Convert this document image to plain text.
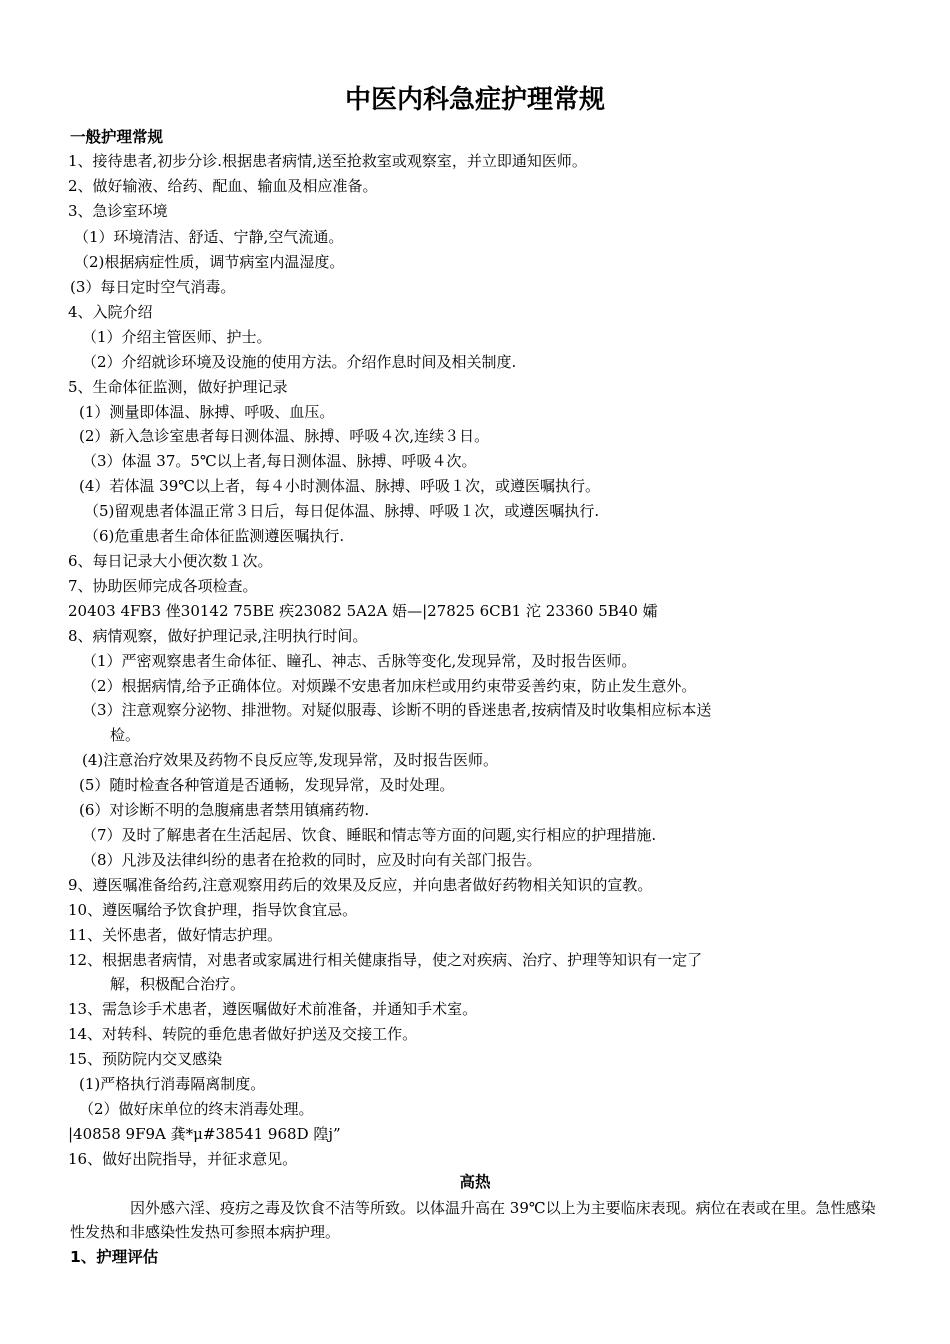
中医内科急症护理常规
一般护理常规
1、接待患者,初步分诊.根据患者病情,送至抢救室或观察室，并立即通知医师。
2、做好输液、给药、配血、输血及相应准备。
3、急诊室环境
（1）环境清洁、舒适、宁静,空气流通。
（2)根据病症性质，调节病室内温湿度。
(3）每日定时空气消毒。
4、入院介绍
（1）介绍主管医师、护士。
（2）介绍就诊环境及设施的使用方法。介绍作息时间及相关制度.
5、生命体征监测，做好护理记录
(1）测量即体温、脉搏、呼吸、血压。
(2）新入急诊室患者每日测体温、脉搏、呼吸４次,连续３日。
（3）体温 37。5℃以上者,每日测体温、脉搏、呼吸４次。
(4）若体温 39℃以上者，每４小时测体温、脉搏、呼吸１次，或遵医嘱执行。
（5)留观患者体温正常３日后，每日促体温、脉搏、呼吸１次，或遵医嘱执行.
（6)危重患者生命体征监测遵医嘱执行.
6、每日记录大小便次数１次。
7、协助医师完成各项检查。
20403 4FB3 侳30142 75BE 疾23082 5A2A 娪—|27825 6CB1 沱 23360 5B40 孀
8、病情观察，做好护理记录,注明执行时间。
（1）严密观察患者生命体征、瞳孔、神志、舌脉等变化,发现异常，及时报告医师。
（2）根据病情,给予正确体位。对烦躁不安患者加床栏或用约束带妥善约束，防止发生意外。
（3）注意观察分泌物、排泄物。对疑似服毒、诊断不明的昏迷患者,按病情及时收集相应标本送
检。
(4)注意治疗效果及药物不良反应等,发现异常，及时报告医师。
(5）随时检查各种管道是否通畅，发现异常，及时处理。
(6）对诊断不明的急腹痛患者禁用镇痛药物.
（7）及时了解患者在生活起居、饮食、睡眠和情志等方面的问题,实行相应的护理措施.
（8）凡涉及法律纠纷的患者在抢救的同时，应及时向有关部门报告。
9、遵医嘱准备给药,注意观察用药后的效果及反应，并向患者做好药物相关知识的宣教。
10、遵医嘱给予饮食护理，指导饮食宜忌。
11、关怀患者，做好情志护理。
12、根据患者病情，对患者或家属进行相关健康指导，使之对疾病、治疗、护理等知识有一定了
解，积极配合治疗。
13、需急诊手术患者，遵医嘱做好术前准备，并通知手术室。
14、对转科、转院的垂危患者做好护送及交接工作。
15、预防院内交叉感染
(1)严格执行消毒隔离制度。
（2）做好床单位的终末消毒处理。
|40858 9F9A 龚*μ#38541 968D 隍j”
16、做好出院指导，并征求意见。
高热
因外感六淫、疫疠之毒及饮食不洁等所致。以体温升高在 39℃以上为主要临床表现。病位在表或在里。急性感染性发热和非感染性发热可参照本病护理。
1、护理评估
